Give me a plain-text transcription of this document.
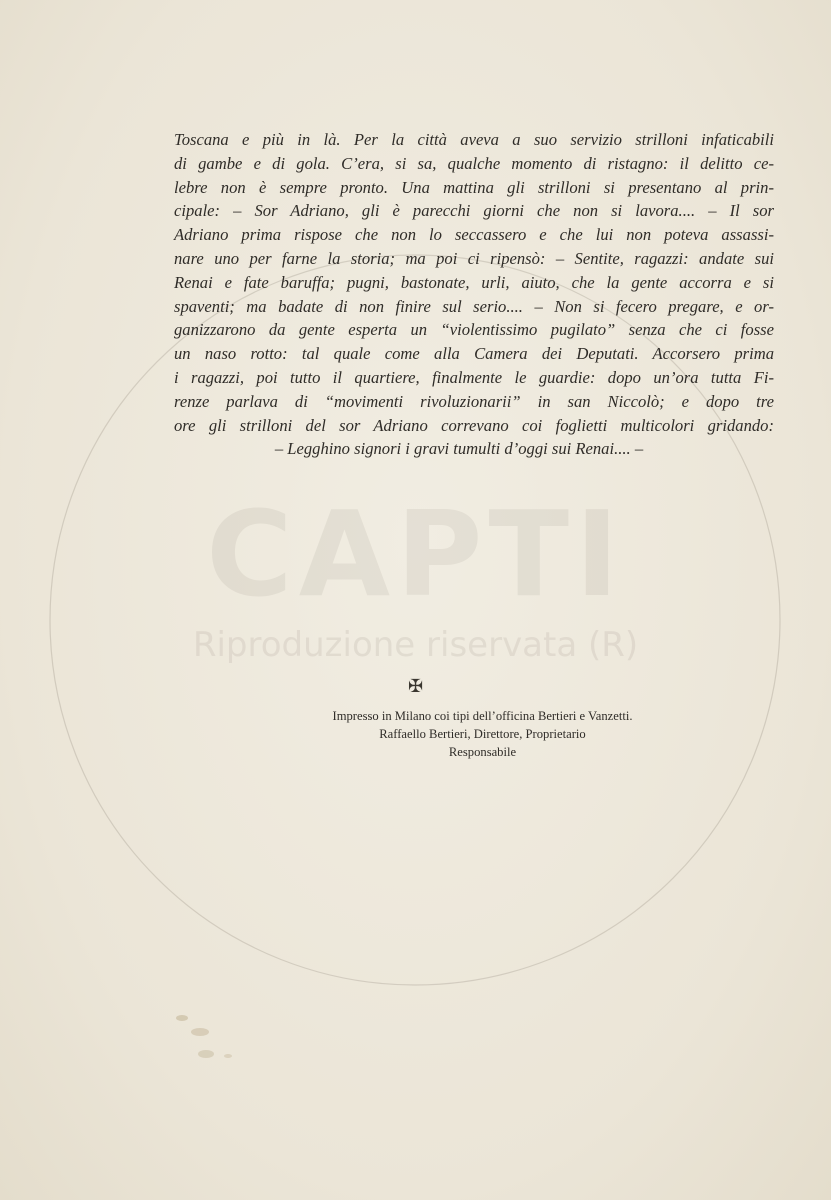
CAPTI
Riproduzione riservata (R)
Toscana e più in là. Per la città aveva a suo servizio strilloni infaticabili
di gambe e di gola. C’era, si sa, qualche momento di ristagno: il delitto ce-
lebre non è sempre pronto. Una mattina gli strilloni si presentano al prin-
cipale: – Sor Adriano, gli è parecchi giorni che non si lavora.... – Il sor
Adriano prima rispose che non lo seccassero e che lui non poteva assassi-
nare uno per farne la storia; ma poi ci ripensò: – Sentite, ragazzi: andate sui
Renai e fate baruffa; pugni, bastonate, urli, aiuto, che la gente accorra e si
spaventi; ma badate di non finire sul serio.... – Non si fecero pregare, e or-
ganizzarono da gente esperta un “violentissimo pugilato” senza che ci fosse
un naso rotto: tal quale come alla Camera dei Deputati. Accorsero prima
i ragazzi, poi tutto il quartiere, finalmente le guardie: dopo un’ora tutta Fi-
renze parlava di “movimenti rivoluzionarii” in san Niccolò; e dopo tre
ore gli strilloni del sor Adriano correvano coi foglietti multicolori gridando:
– Legghino signori i gravi tumulti d’oggi sui Renai.... –
✠
Impresso in Milano coi tipi dell’officina Bertieri e Vanzetti.
Raffaello Bertieri, Direttore, Proprietario
Responsabile
